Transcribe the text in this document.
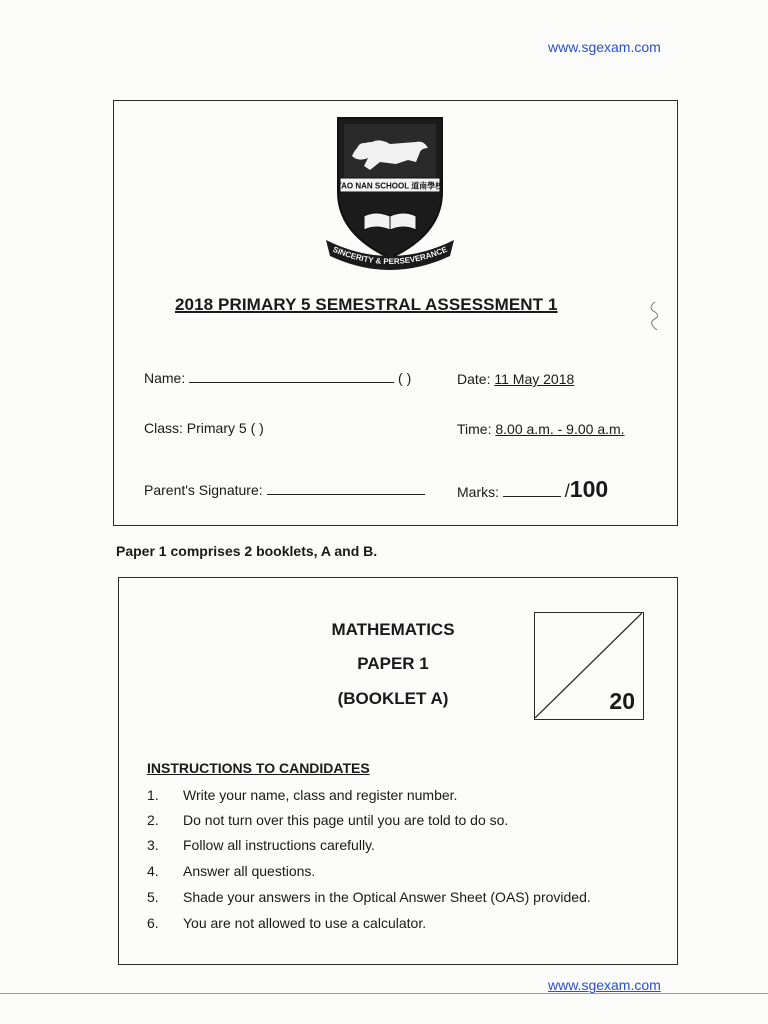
www.sgexam.com
TAO NAN SCHOOL 道南學校
SINCERITY & PERSEVERANCE
2018 PRIMARY 5 SEMESTRAL ASSESSMENT 1
Name:	( )	Date: 11 May 2018
Class: Primary 5 ( )	Time: 8.00 a.m. - 9.00 a.m.
Parent's Signature:	Marks:	/100
Paper 1 comprises 2 booklets, A and B.
MATHEMATICS
PAPER 1
(BOOKLET A)	20
INSTRUCTIONS TO CANDIDATES
1. Write your name, class and register number.
2. Do not turn over this page until you are told to do so.
3. Follow all instructions carefully.
4. Answer all questions.
5. Shade your answers in the Optical Answer Sheet (OAS) provided.
6. You are not allowed to use a calculator.
www.sgexam.com
